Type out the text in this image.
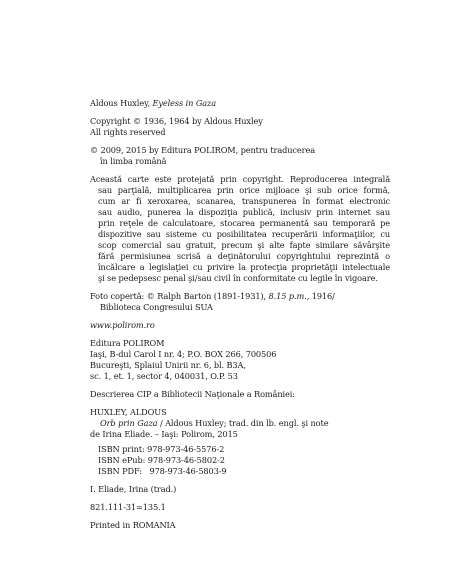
Aldous Huxley, Eyeless in Gaza

Copyright © 1936, 1964 by Aldous Huxley
All rights reserved

© 2009, 2015 by Editura POLIROM, pentru traducerea
în limba română

Această carte este protejată prin copyright. Reproducerea integrală
sau parţială, multiplicarea prin orice mijloace şi sub orice formă,
cum ar fi xeroxarea, scanarea, transpunerea în format electronic
sau audio, punerea la dispoziţia publică, inclusiv prin internet sau
prin reţele de calculatoare, stocarea permanentă sau temporară pe
dispozitive sau sisteme cu posibilitatea recuperării informaţiilor, cu
scop comercial sau gratuit, precum şi alte fapte similare săvârşite
fără permisiunea scrisă a deţinătorului copyrightului reprezintă o
încălcare a legislaţiei cu privire la protecţia proprietăţii intelectuale
şi se pedepsesc penal şi/sau civil în conformitate cu legile în vigoare.

Foto copertă: © Ralph Barton (1891-1931), 8.15 p.m., 1916/
Biblioteca Congresului SUA

www.polirom.ro

Editura POLIROM
Iaşi, B-dul Carol I nr. 4; P.O. BOX 266, 700506
Bucureşti, Splaiul Unirii nr. 6, bl. B3A,
sc. 1, et. 1, sector 4, 040031, O.P. 53

Descrierea CIP a Bibliotecii Naţionale a României:

HUXLEY, ALDOUS
Orb prin Gaza / Aldous Huxley; trad. din lb. engl. şi note
de Irina Eliade. – Iaşi: Polirom, 2015
ISBN print: 978-973-46-5576-2
ISBN ePub: 978-973-46-5802-2
ISBN PDF:   978-973-46-5803-9

I. Eliade, Irina (trad.)

821.111-31=135.1

Printed in ROMANIA
